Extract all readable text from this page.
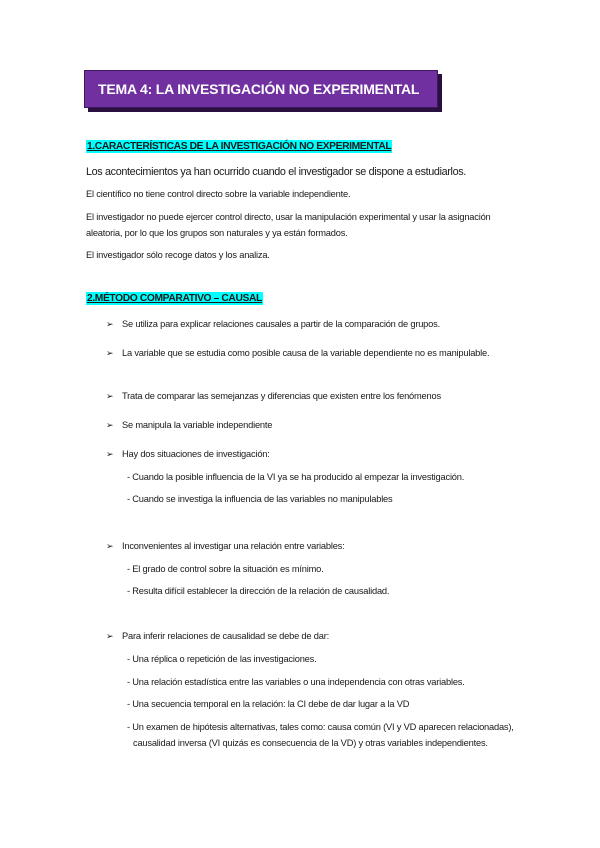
TEMA 4: LA INVESTIGACIÓN NO EXPERIMENTAL
1.CARACTERÍSTICAS DE LA INVESTIGACIÓN NO EXPERIMENTAL

Los acontecimientos ya han ocurrido cuando el investigador se dispone a estudiarlos.

El científico no tiene control directo sobre la variable independiente.

El investigador no puede ejercer control directo, usar la manipulación experimental y usar la asignación aleatoria, por lo que los grupos son naturales y ya están formados.

El investigador sólo recoge datos y los analiza.

2.MÉTODO COMPARATIVO – CAUSAL
➢ Se utiliza para explicar relaciones causales a partir de la comparación de grupos.
➢ La variable que se estudia como posible causa de la variable dependiente no es manipulable.
➢ Trata de comparar las semejanzas y diferencias que existen entre los fenómenos
➢ Se manipula la variable independiente
➢ Hay dos situaciones de investigación:
- Cuando la posible influencia de la VI ya se ha producido al empezar la investigación.
- Cuando se investiga la influencia de las variables no manipulables
➢ Inconvenientes al investigar una relación entre variables:
- El grado de control sobre la situación es mínimo.
- Resulta difícil establecer la dirección de la relación de causalidad.
➢ Para inferir relaciones de causalidad se debe de dar:
- Una réplica o repetición de las investigaciones.
- Una relación estadística entre las variables o una independencia con otras variables.
- Una secuencia temporal en la relación: la CI debe de dar lugar a la VD
- Un examen de hipótesis alternativas, tales como: causa común (VI y VD aparecen relacionadas), causalidad inversa (VI quizás es consecuencia de la VD) y otras variables independientes.
